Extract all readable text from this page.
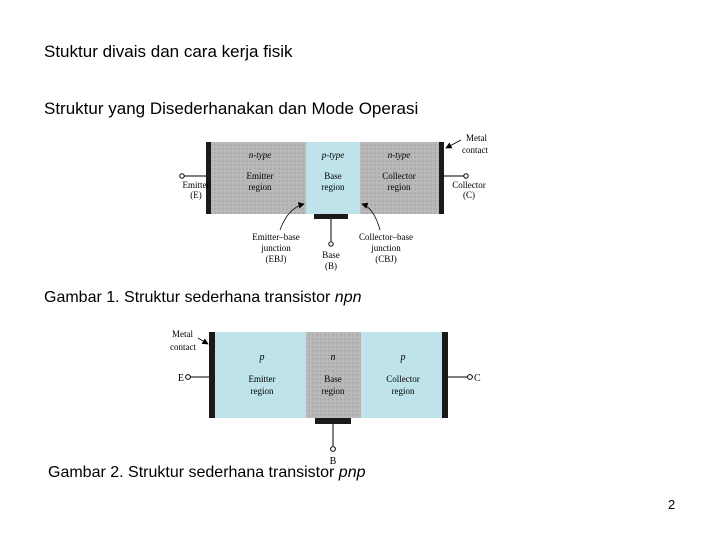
Stuktur divais dan cara kerja fisik
Struktur yang Disederhanakan dan Mode Operasi
n-type
Emitter
region
p-type
Base
region
n-type
Collector
region
Emitter
(E)
Collector
(C)
Metal
contact
Emitter–base
junction
(EBJ)
Collector–base
junction
(CBJ)
Base
(B)
Gambar 1. Struktur sederhana transistor npn
p
Emitter
region
n
Base
region
p
Collector
region
Metal
contact
E	C
B
Gambar 2. Struktur sederhana transistor pnp
2
